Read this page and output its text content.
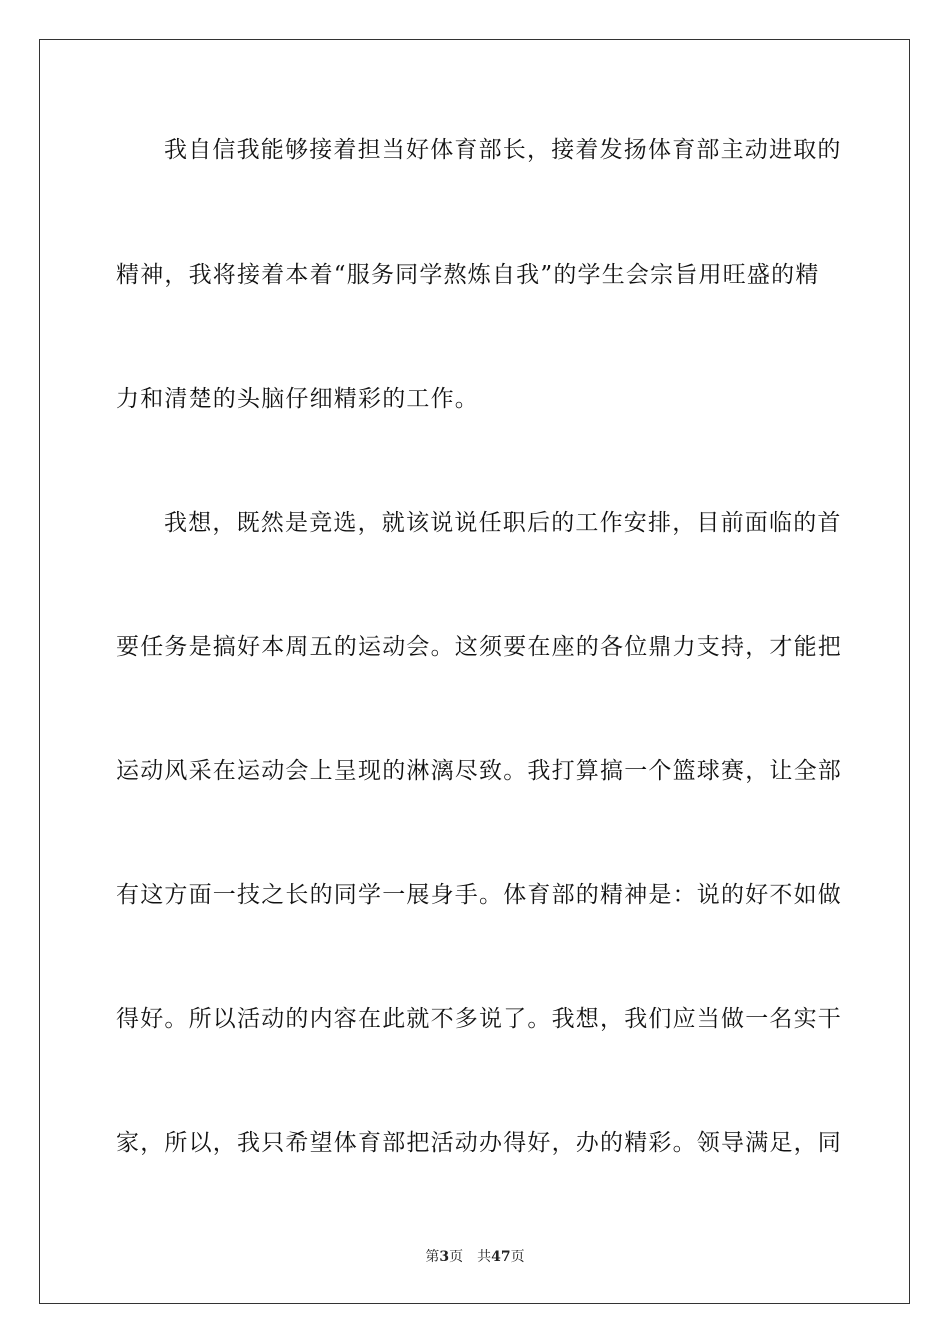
我自信我能够接着担当好体育部长，接着发扬体育部主动进取的
精神，我将接着本着“服务同学熬炼自我”的学生会宗旨用旺盛的精
力和清楚的头脑仔细精彩的工作。
我想，既然是竞选，就该说说任职后的工作安排，目前面临的首
要任务是搞好本周五的运动会。这须要在座的各位鼎力支持，才能把
运动风采在运动会上呈现的淋漓尽致。我打算搞一个篮球赛，让全部
有这方面一技之长的同学一展身手。体育部的精神是：说的好不如做
得好。所以活动的内容在此就不多说了。我想，我们应当做一名实干
家，所以，我只希望体育部把活动办得好，办的精彩。领导满足，同
第3页 共47页
